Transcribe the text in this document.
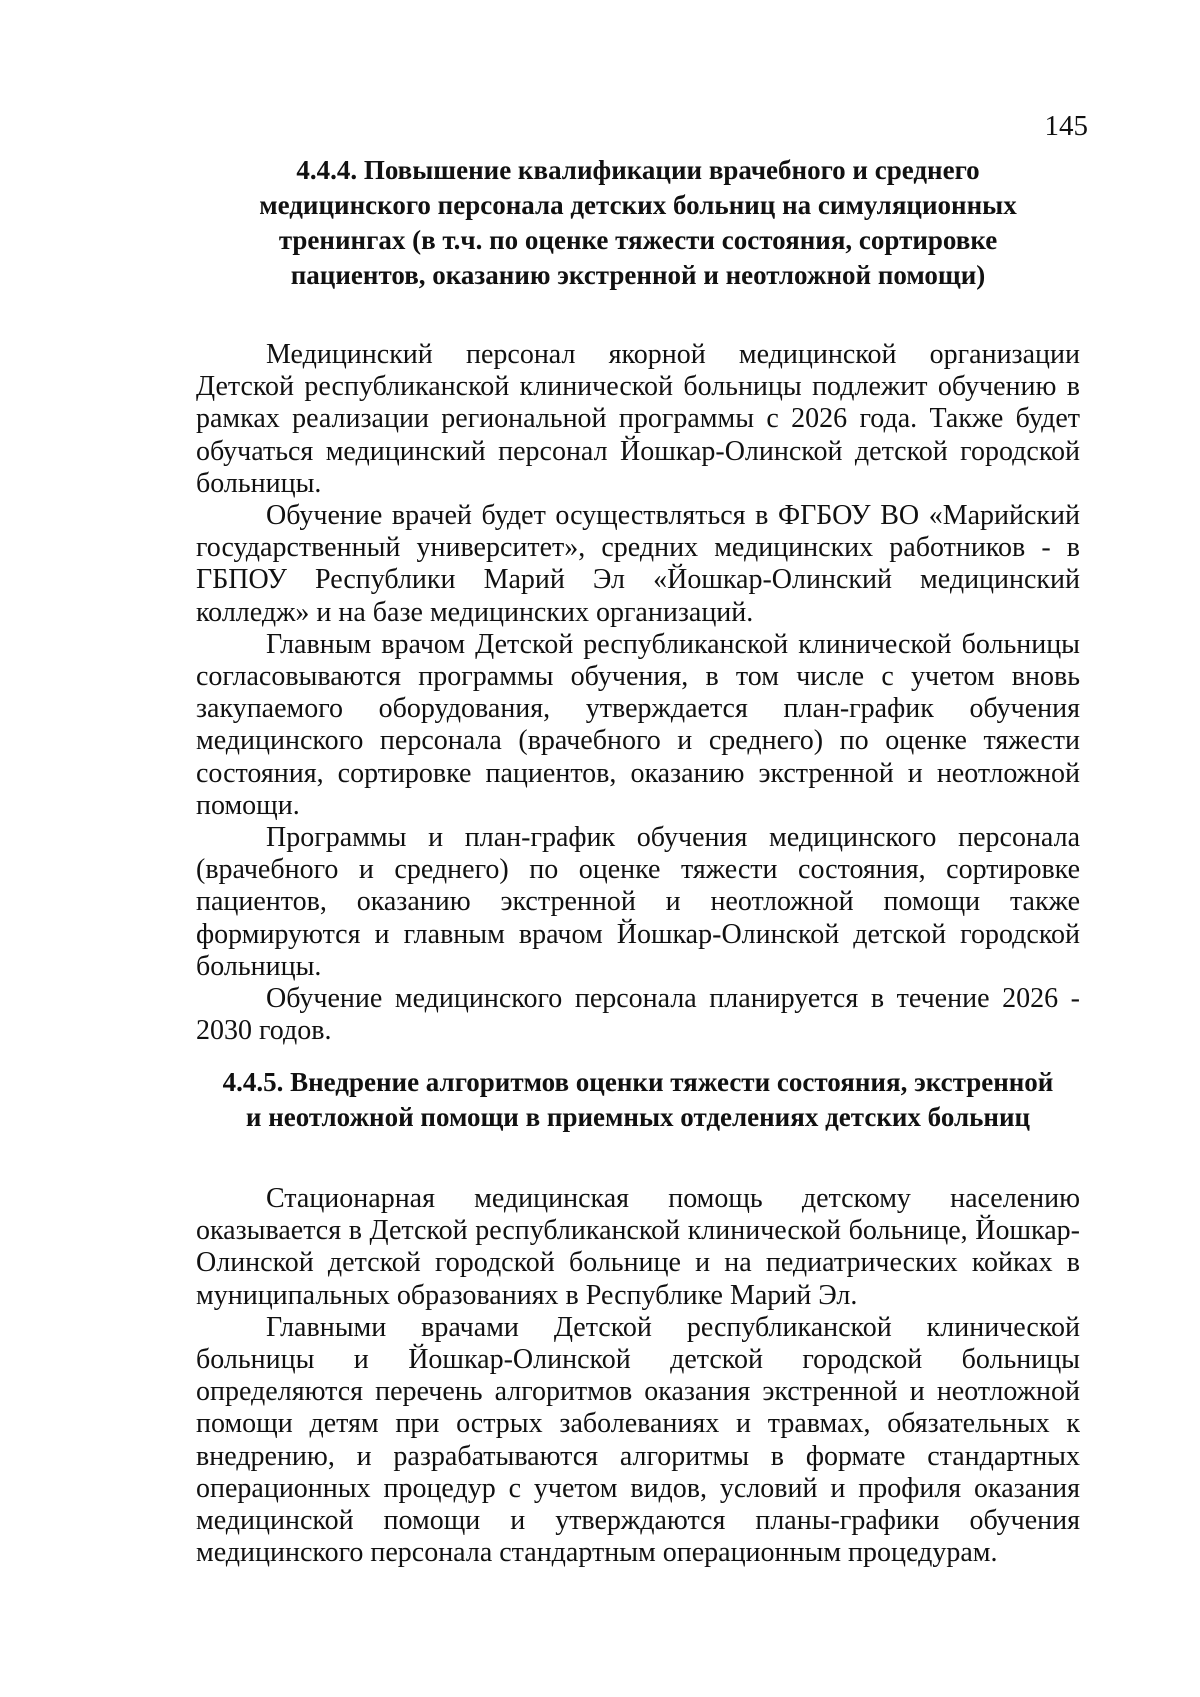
145
4.4.4. Повышение квалификации врачебного и среднего
медицинского персонала детских больниц на симуляционных
тренингах (в т.ч. по оценке тяжести состояния, сортировке
пациентов, оказанию экстренной и неотложной помощи)

Медицинский персонал якорной медицинской организации Детской республиканской клинической больницы подлежит обучению в рамках реализации региональной программы с 2026 года. Также будет обучаться медицинский персонал Йошкар-Олинской детской городской больницы.

Обучение врачей будет осуществляться в ФГБОУ ВО «Марийский государственный университет», средних медицинских работников - в ГБПОУ Республики Марий Эл «Йошкар-Олинский медицинский колледж» и на базе медицинских организаций.

Главным врачом Детской республиканской клинической больницы согласовываются программы обучения, в том числе с учетом вновь закупаемого оборудования, утверждается план-график обучения медицинского персонала (врачебного и среднего) по оценке тяжести состояния, сортировке пациентов, оказанию экстренной и неотложной помощи.

Программы и план-график обучения медицинского персонала (врачебного и среднего) по оценке тяжести состояния, сортировке пациентов, оказанию экстренной и неотложной помощи также формируются и главным врачом Йошкар-Олинской детской городской больницы.

Обучение медицинского персонала планируется в течение 2026 - 2030 годов.

4.4.5. Внедрение алгоритмов оценки тяжести состояния, экстренной
и неотложной помощи в приемных отделениях детских больниц

Стационарная медицинская помощь детскому населению оказывается в Детской республиканской клинической больнице, Йошкар-Олинской детской городской больнице и на педиатрических койках в муниципальных образованиях в Республике Марий Эл.

Главными врачами Детской республиканской клинической больницы и Йошкар-Олинской детской городской больницы определяются перечень алгоритмов оказания экстренной и неотложной помощи детям при острых заболеваниях и травмах, обязательных к внедрению, и разрабатываются алгоритмы в формате стандартных операционных процедур с учетом видов, условий и профиля оказания медицинской помощи и утверждаются планы-графики обучения медицинского персонала стандартным операционным процедурам.
